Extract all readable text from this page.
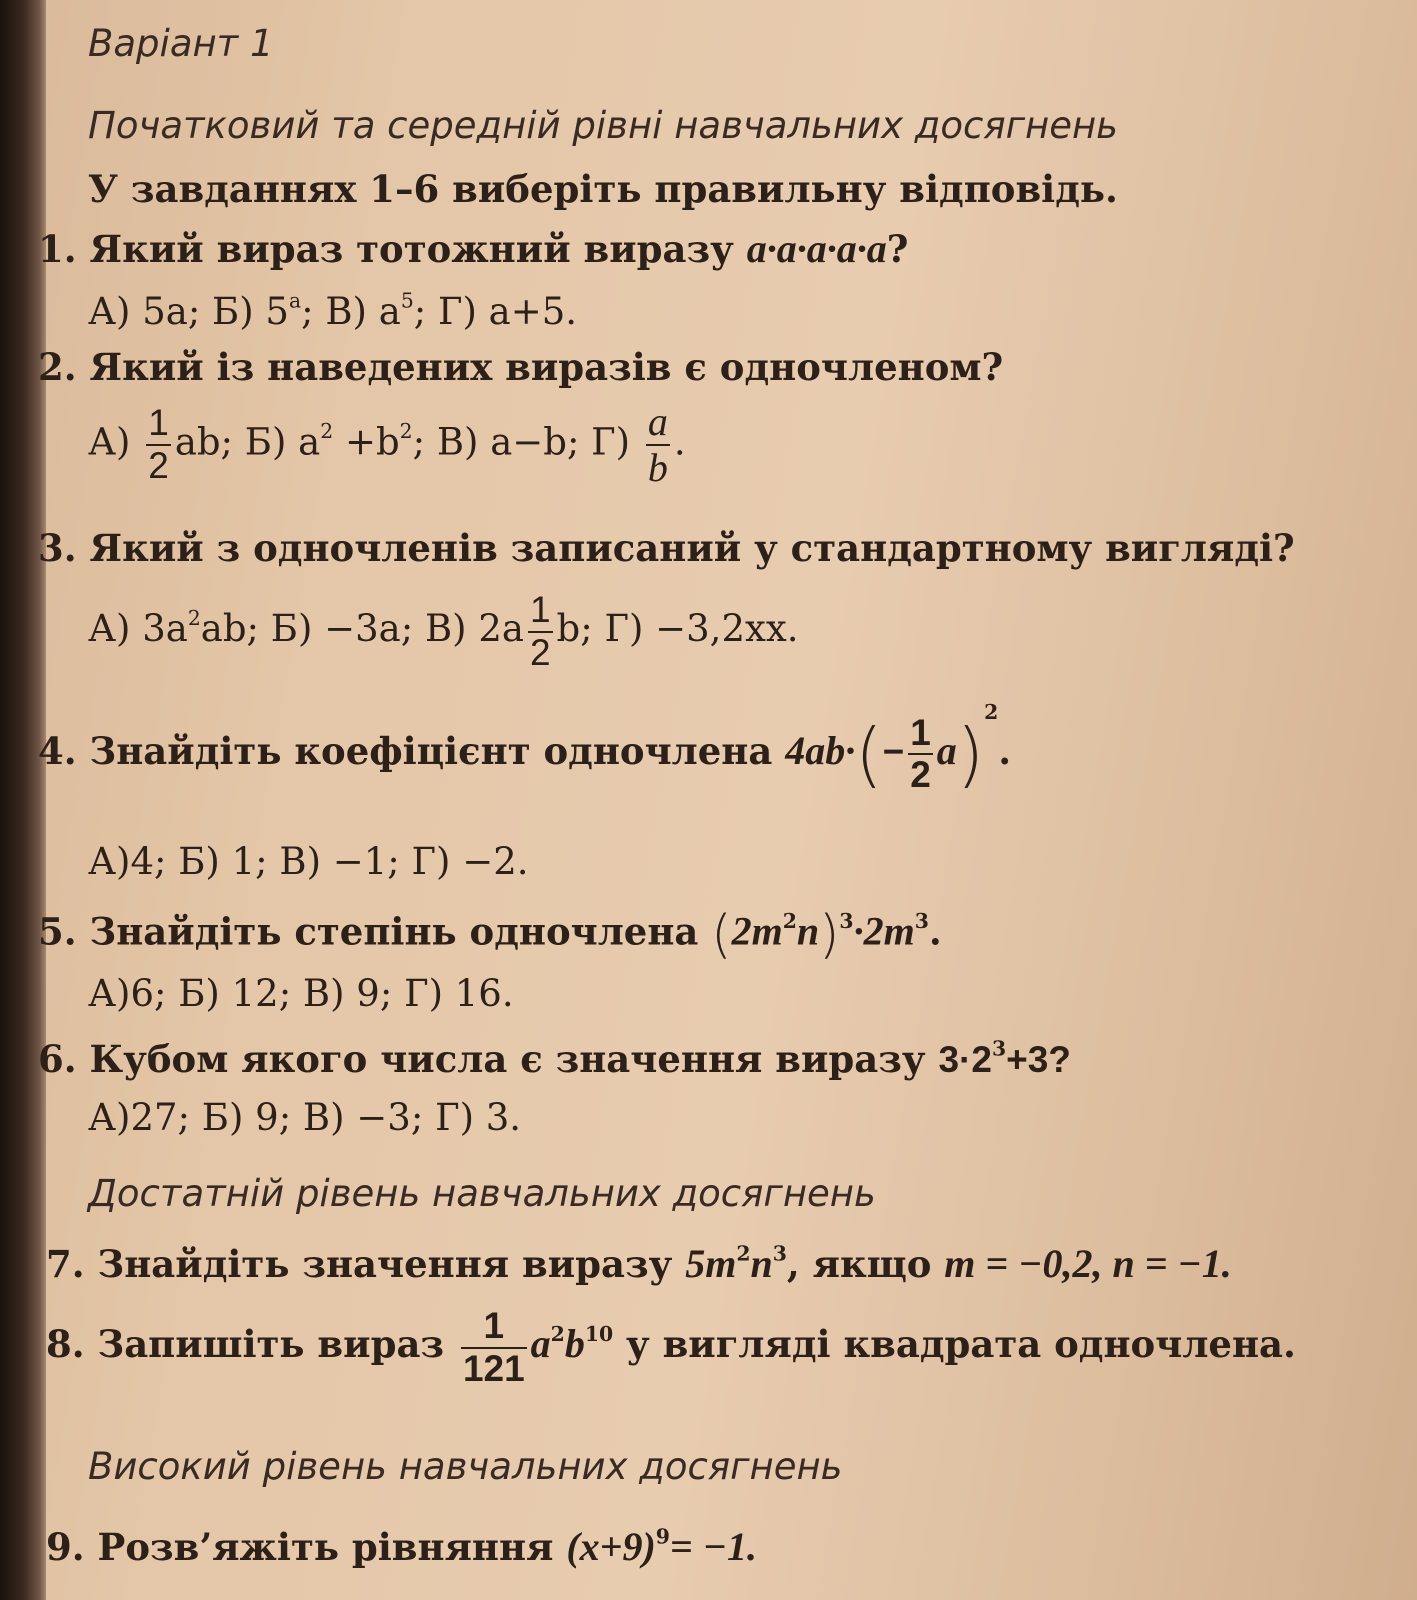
Варіант 1
Початковий та середній рівні навчальних досягнень
У завданнях 1–6 виберіть правильну відповідь.
1. Який вираз тотожний виразу a·a·a·a·a?
А) 5a; Б) 5$^a$; В) $a^5$; Г) a+5.
2. Який із наведених виразів є одночленом?
$А) \frac{1}{2}$ ab; Б) $a^2 +b^2$; В) a−b; $Г) \frac{a}{b}$ .
3. Який з одночленів записаний у стандартному вигляді?
А) $3a^2ab$; Б) −3a; В) $2a \frac{1}{2} b$; Г) −3,2xx.
4. Знайдіть коефіцієнт одночлена $4ab\cdot(- \frac{1}{2} a)^2$.
А)4; Б) 1; В) −1; Г) −2.
5. Знайдіть степінь одночлена $(2m^2n)^3\cdot 2m^3$.
А)6; Б) 12; В) 9; Г) 16.
6. Кубом якого числа є значення виразу $3\cdot 2^3+3$?
А)27; Б) 9; В) −3; Г) 3.
Достатній рівень навчальних досягнень
7. Знайдіть значення виразу $5m^2n^3$, якщо m = −0,2, n = −1.
8. Запишіть вираз $\frac{1}{121} a^2b^{10}$ у вигляді квадрата одночлена.
Високий рівень навчальних досягнень
9. Розв’яжіть рівняння $(x+9)^9= -1$.
